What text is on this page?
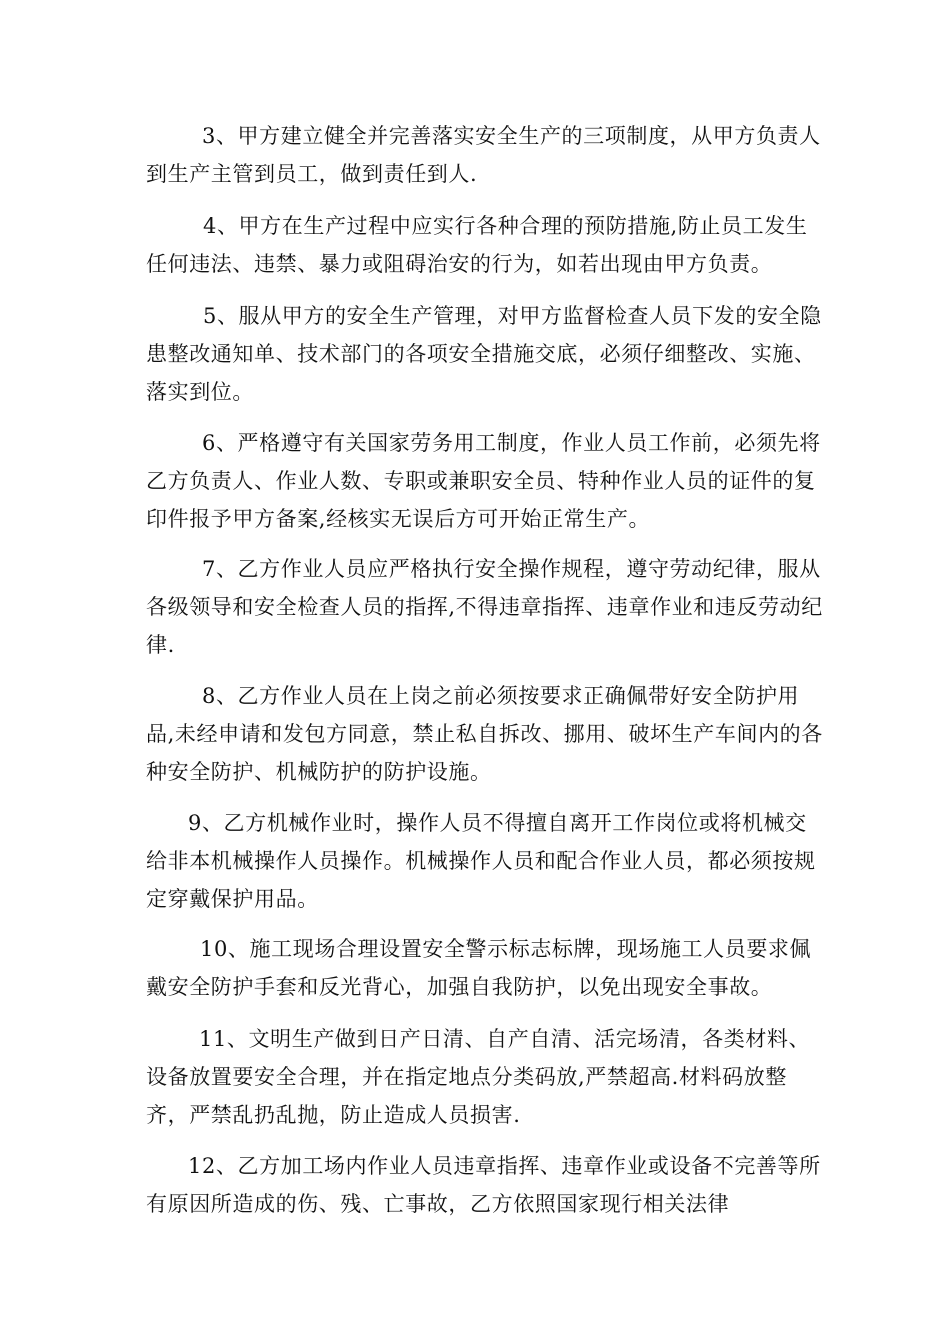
3、甲方建立健全并完善落实安全生产的三项制度，从甲方负责人到生产主管到员工，做到责任到人.

4、甲方在生产过程中应实行各种合理的预防措施,防止员工发生任何违法、违禁、暴力或阻碍治安的行为，如若出现由甲方负责。

5、服从甲方的安全生产管理，对甲方监督检查人员下发的安全隐患整改通知单、技术部门的各项安全措施交底，必须仔细整改、实施、落实到位。

6、严格遵守有关国家劳务用工制度，作业人员工作前，必须先将乙方负责人、作业人数、专职或兼职安全员、特种作业人员的证件的复印件报予甲方备案,经核实无误后方可开始正常生产。

7、乙方作业人员应严格执行安全操作规程，遵守劳动纪律，服从各级领导和安全检查人员的指挥,不得违章指挥、违章作业和违反劳动纪律.

8、乙方作业人员在上岗之前必须按要求正确佩带好安全防护用品,未经申请和发包方同意，禁止私自拆改、挪用、破坏生产车间内的各种安全防护、机械防护的防护设施。

9、乙方机械作业时，操作人员不得擅自离开工作岗位或将机械交给非本机械操作人员操作。机械操作人员和配合作业人员，都必须按规定穿戴保护用品。

10、施工现场合理设置安全警示标志标牌，现场施工人员要求佩戴安全防护手套和反光背心，加强自我防护，以免出现安全事故。

11、文明生产做到日产日清、自产自清、活完场清，各类材料、设备放置要安全合理，并在指定地点分类码放,严禁超高.材料码放整齐，严禁乱扔乱抛，防止造成人员损害.

12、乙方加工场内作业人员违章指挥、违章作业或设备不完善等所有原因所造成的伤、残、亡事故，乙方依照国家现行相关法律
